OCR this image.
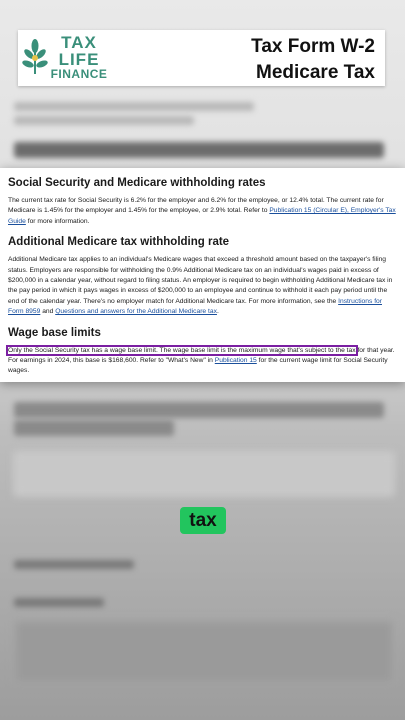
TAX
LIFE
FINANCE
Tax Form W-2
Medicare Tax
Social Security and Medicare withholding rates

The current tax rate for Social Security is 6.2% for the employer and 6.2% for the employee, or 12.4% total. The current rate for Medicare is 1.45% for the employer and 1.45% for the employee, or 2.9% total. Refer to Publication 15 (Circular E), Employer's Tax Guide for more information.

Additional Medicare tax withholding rate

Additional Medicare tax applies to an individual's Medicare wages that exceed a threshold amount based on the taxpayer's filing status. Employers are responsible for withholding the 0.9% Additional Medicare tax on an individual's wages paid in excess of $200,000 in a calendar year, without regard to filing status. An employer is required to begin withholding Additional Medicare tax in the pay period in which it pays wages in excess of $200,000 to an employee and continue to withhold it each pay period until the end of the calendar year. There's no employer match for Additional Medicare tax. For more information, see the Instructions for Form 8959 and Questions and answers for the Additional Medicare tax.

Wage base limits

Only the Social Security tax has a wage base limit. The wage base limit is the maximum wage that's subject to the tax for that year. For earnings in 2024, this base is $168,600. Refer to "What's New" in Publication 15 for the current wage limit for Social Security wages.

tax
